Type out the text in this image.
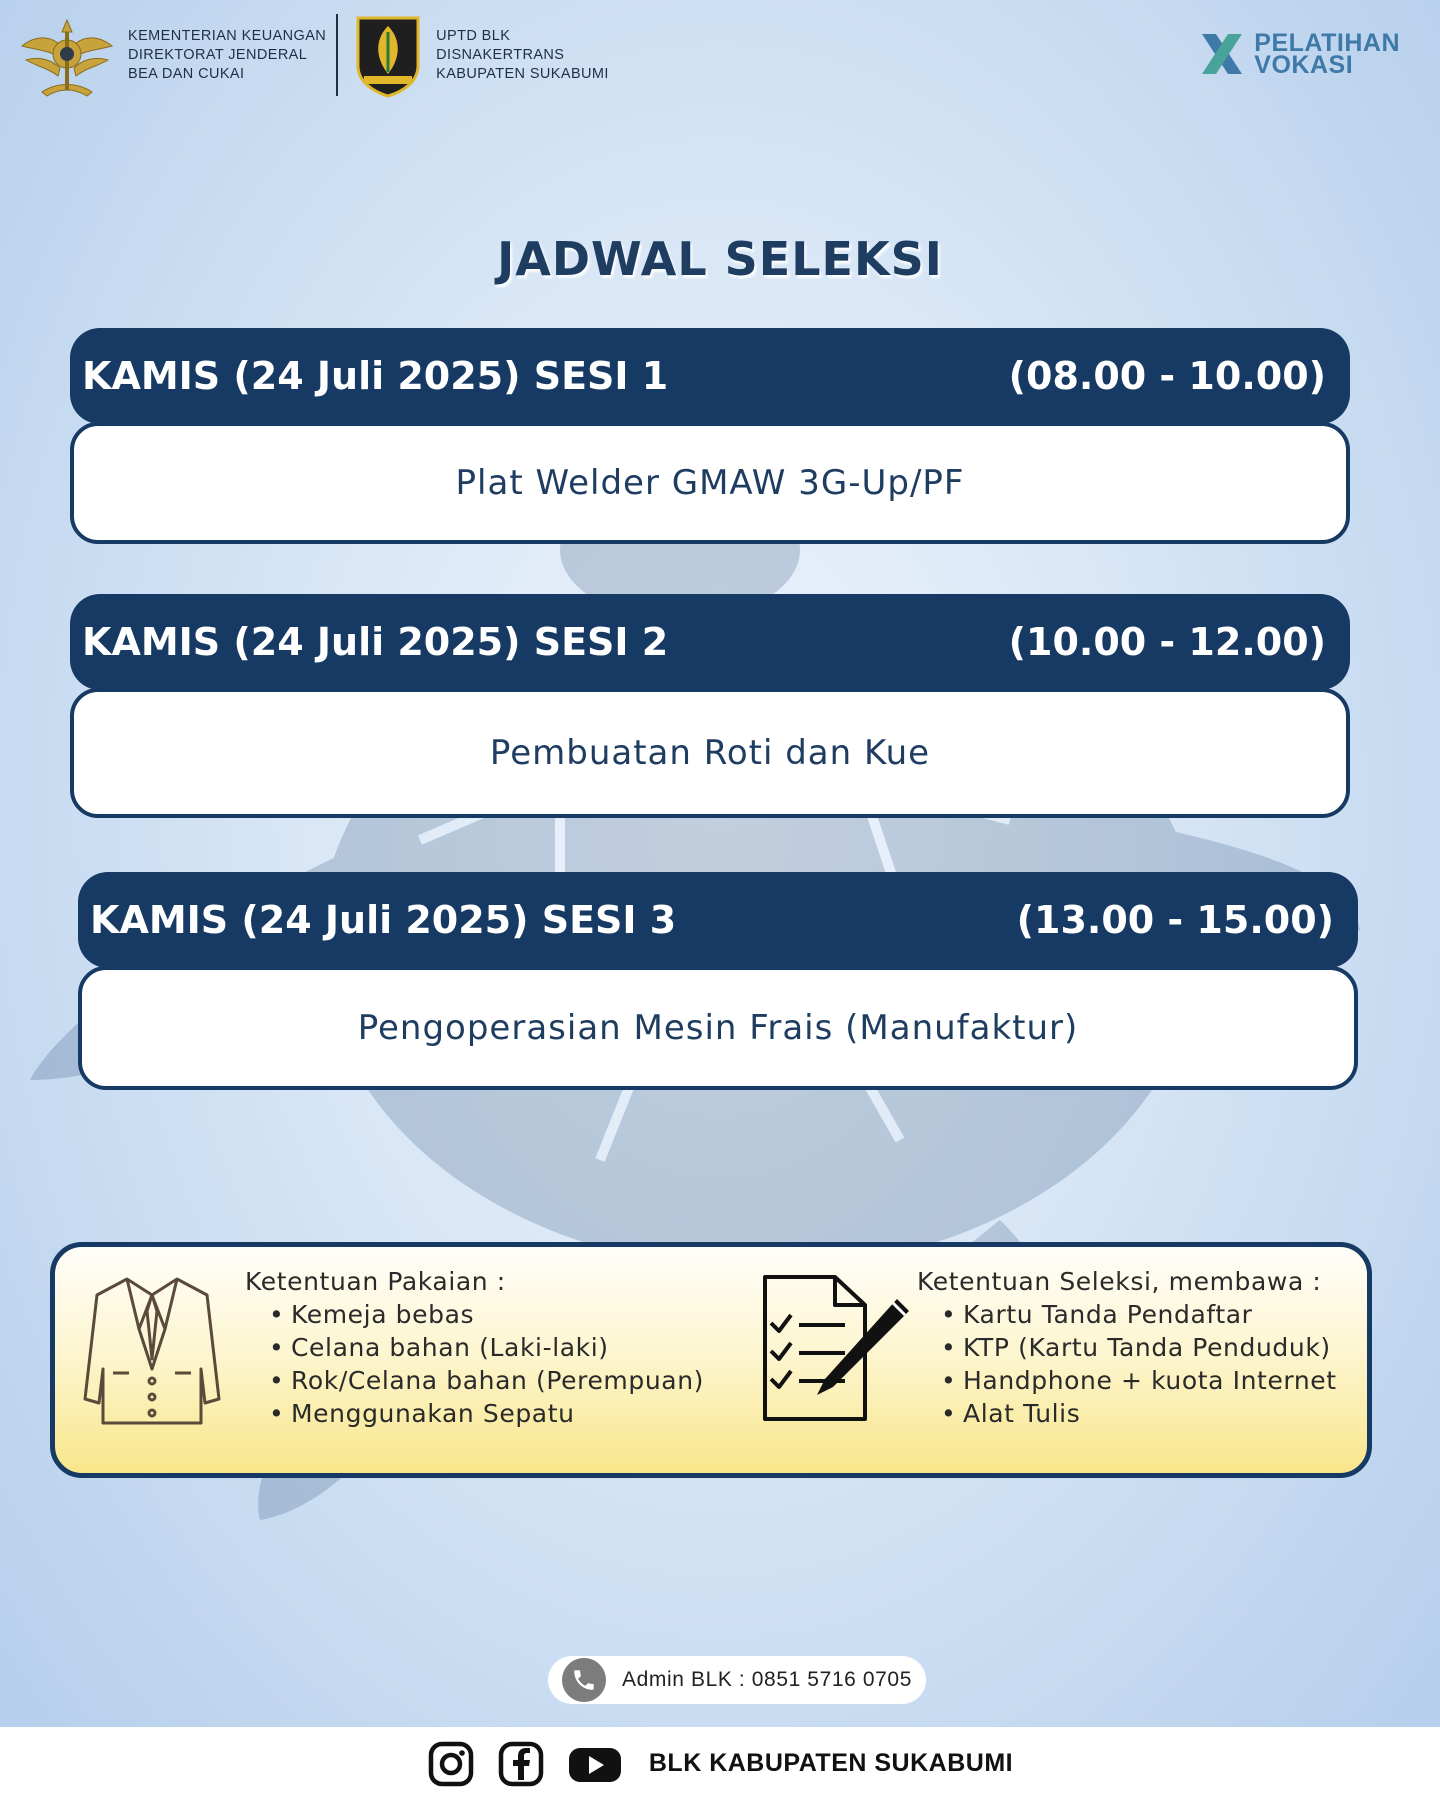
KEMENTERIAN KEUANGAN
DIREKTORAT JENDERAL
BEA DAN CUKAI
UPTD BLK
DISNAKERTRANS
KABUPATEN SUKABUMI
PELATIHAN
VOKASI
JADWAL SELEKSI
KAMIS (24 Juli 2025) SESI 1	(08.00 - 10.00)
Plat Welder GMAW 3G-Up/PF
KAMIS (24 Juli 2025) SESI 2	(10.00 - 12.00)
Pembuatan Roti dan Kue
KAMIS (24 Juli 2025) SESI 3	(13.00 - 15.00)
Pengoperasian Mesin Frais (Manufaktur)
Ketentuan Pakaian :
• Kemeja bebas
• Celana bahan (Laki-laki)
• Rok/Celana bahan (Perempuan)
• Menggunakan Sepatu
Ketentuan Seleksi, membawa :
• Kartu Tanda Pendaftar
• KTP (Kartu Tanda Penduduk)
• Handphone + kuota Internet
• Alat Tulis
Admin BLK : 0851 5716 0705
BLK KABUPATEN SUKABUMI
